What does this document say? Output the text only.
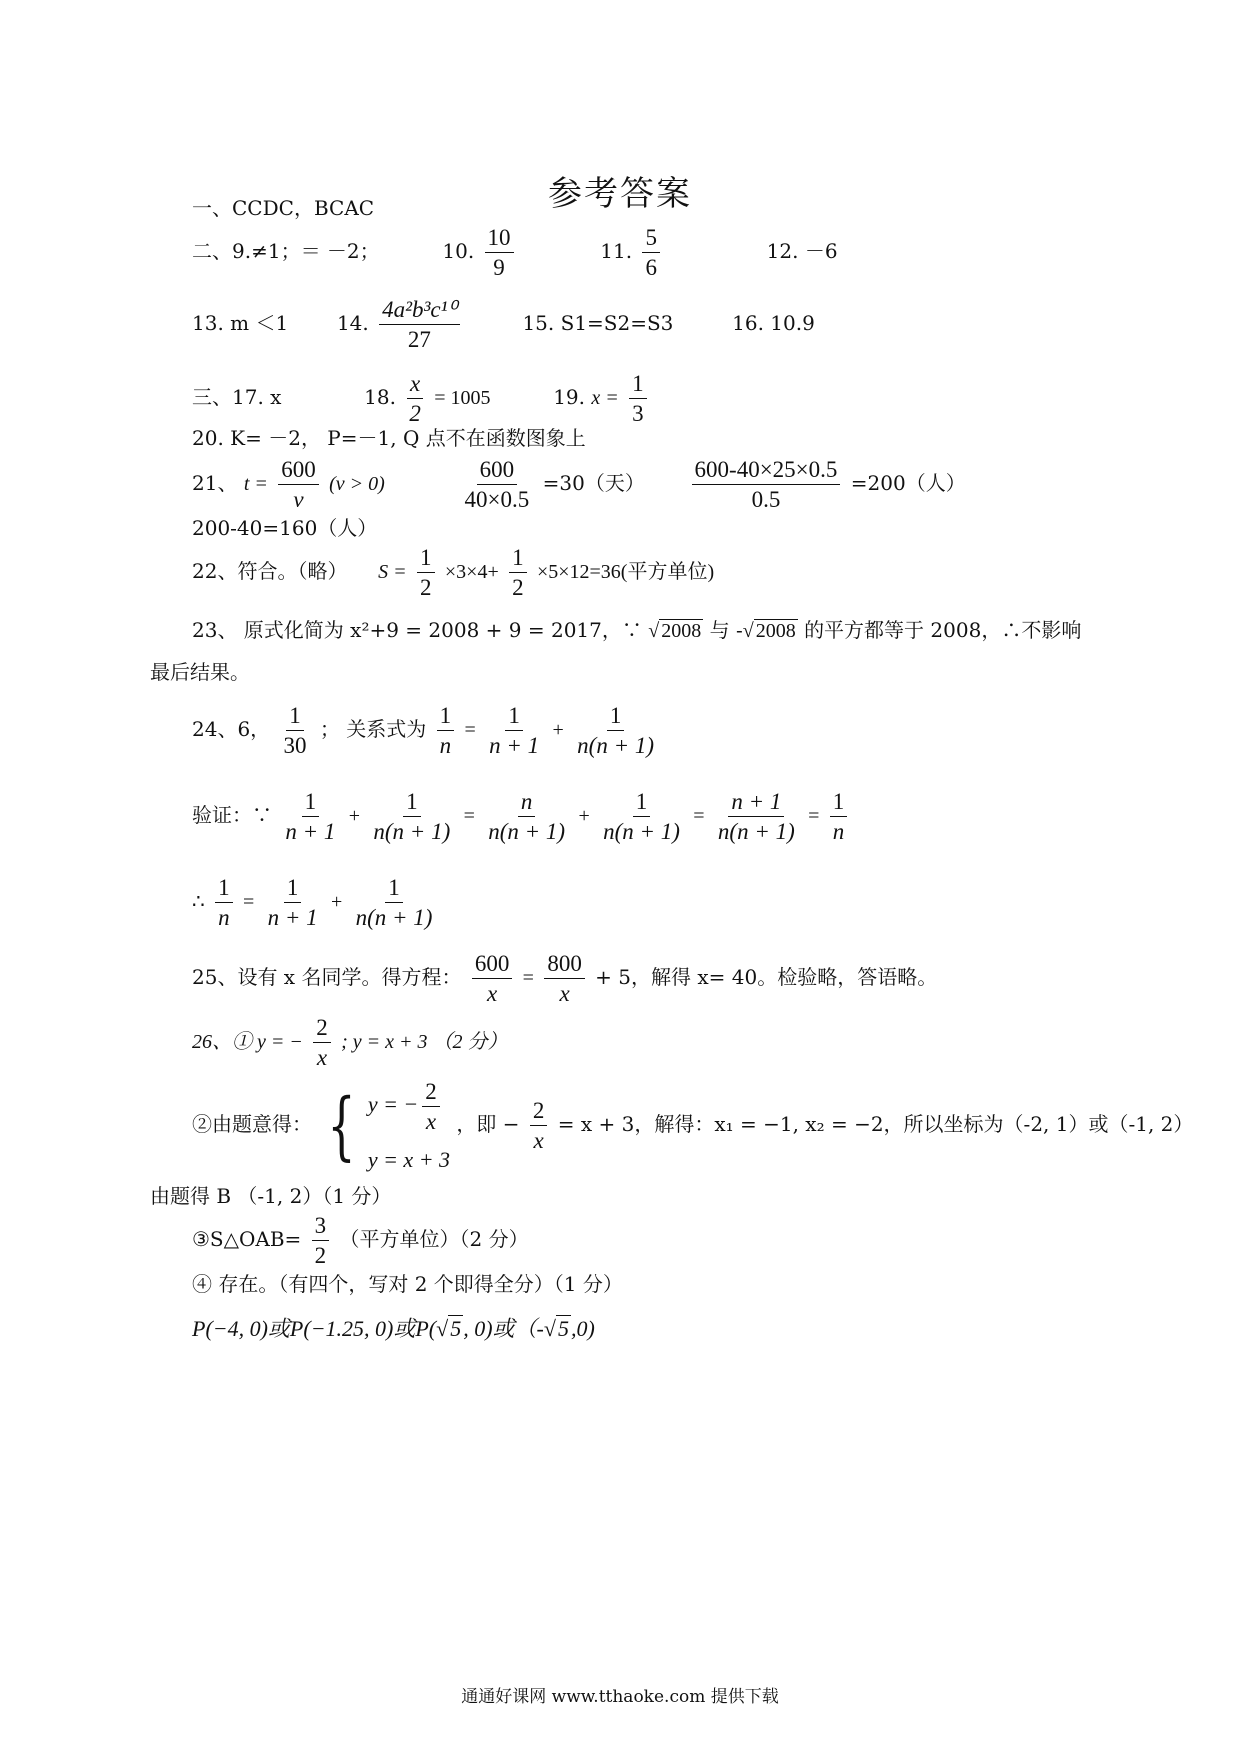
参考答案
一、CCDC，BCAC
二、9.≠1；＝ －2；	10. $\frac{10}{9}$	11. $\frac{5}{6}$	12. －6
13. m ＜1 14. $\frac{\text{4a²b³c¹⁰}}{27}$	15. S1=S2=S3	16. 10.9
三、17. x	18. $\frac{x}{2} = 1005$	19. $x = \frac{1}{3}$
20. K= －2， P=－1, Q 点不在函数图象上
21、 $t = \frac{600}{v} (v > 0)$	$\frac{600}{40\times 0.5} =30$（天） $\frac{600-40\times 25\times 0.5}{0.5} =200$（人）
200-40=160（人）
22、符合。（略） $S = \frac{1}{2} \times 3\times 4+ \frac{1}{2} \times 5\times 12=36$(平方单位)
23、 原式化简为 x²+9 = 2008 + 9 = 2017，∵ √ 2008 与 -√ 2008 的平方都等于 2008，∴不影响
最后结果。
24、6， $\frac{1}{30}$ ； 关系式为 $\frac{1}{n} = \frac{1}{n + 1} + \frac{1}{n(n + 1)}$
验证：∵ $\frac{1}{n + 1} + \frac{1}{n(n + 1)} = \frac{n}{n(n + 1)} + \frac{1}{n(n + 1)} = \frac{n + 1}{n(n + 1)} = \frac{1}{n}$
∴ $\frac{1}{n} = \frac{1}{n + 1} + \frac{1}{n(n + 1)}$
25、设有 x 名同学。得方程： $\frac{600}{x} = \frac{800}{x} + 5$，解得 x= 40。检验略，答语略。
26、① y = − $\frac{2}{x}$ ; y = x + 3 （2 分）
②由题意得： { y = − $\frac{2}{x}$
y = x + 3
，即 − $\frac{2}{x} = x + 3$，解得：x₁ = −1, x₂ = −2，所以坐标为（-2, 1）或（-1, 2）
由题得 B （-1, 2）（1 分）
③S△OAB= $\frac{3}{2}$ （平方单位）（2 分）
④ 存在。（有四个，写对 2 个即得全分）（1 分）
P(−4, 0)或P(−1.25, 0)或P(√5, 0)或（-√5,0)
通通好课网 www.tthaoke.com 提供下载
